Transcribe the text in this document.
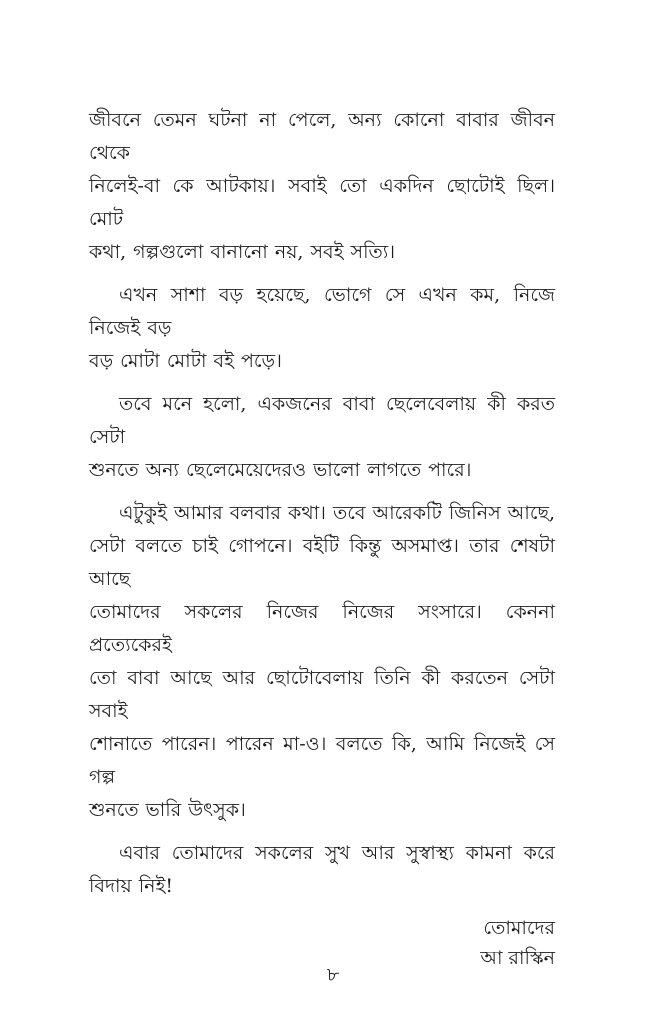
জীবনে তেমন ঘটনা না পেলে, অন্য কোনো বাবার জীবন থেকে
নিলেই-বা কে আটকায়। সবাই তো একদিন ছোটোই ছিল। মোট
কথা, গল্পগুলো বানানো নয়, সবই সত্যি।

এখন সাশা বড় হয়েছে, ভোগে সে এখন কম, নিজে নিজেই বড়
বড় মোটা মোটা বই পড়ে।

তবে মনে হলো, একজনের বাবা ছেলেবেলায় কী করত সেটা
শুনতে অন্য ছেলেমেয়েদেরও ভালো লাগতে পারে।

এটুকুই আমার বলবার কথা। তবে আরেকটি জিনিস আছে,
সেটা বলতে চাই গোপনে। বইটি কিন্তু অসমাপ্ত। তার শেষটা আছে
তোমাদের সকলের নিজের নিজের সংসারে। কেননা প্রত্যেকেরই
তো বাবা আছে আর ছোটোবেলায় তিনি কী করতেন সেটা সবাই
শোনাতে পারেন। পারেন মা-ও। বলতে কি, আমি নিজেই সে গল্প
শুনতে ভারি উৎসুক।

এবার তোমাদের সকলের সুখ আর সুস্বাস্থ্য কামনা করে বিদায় নিই!

তোমাদের
আ রাস্কিন
৮
